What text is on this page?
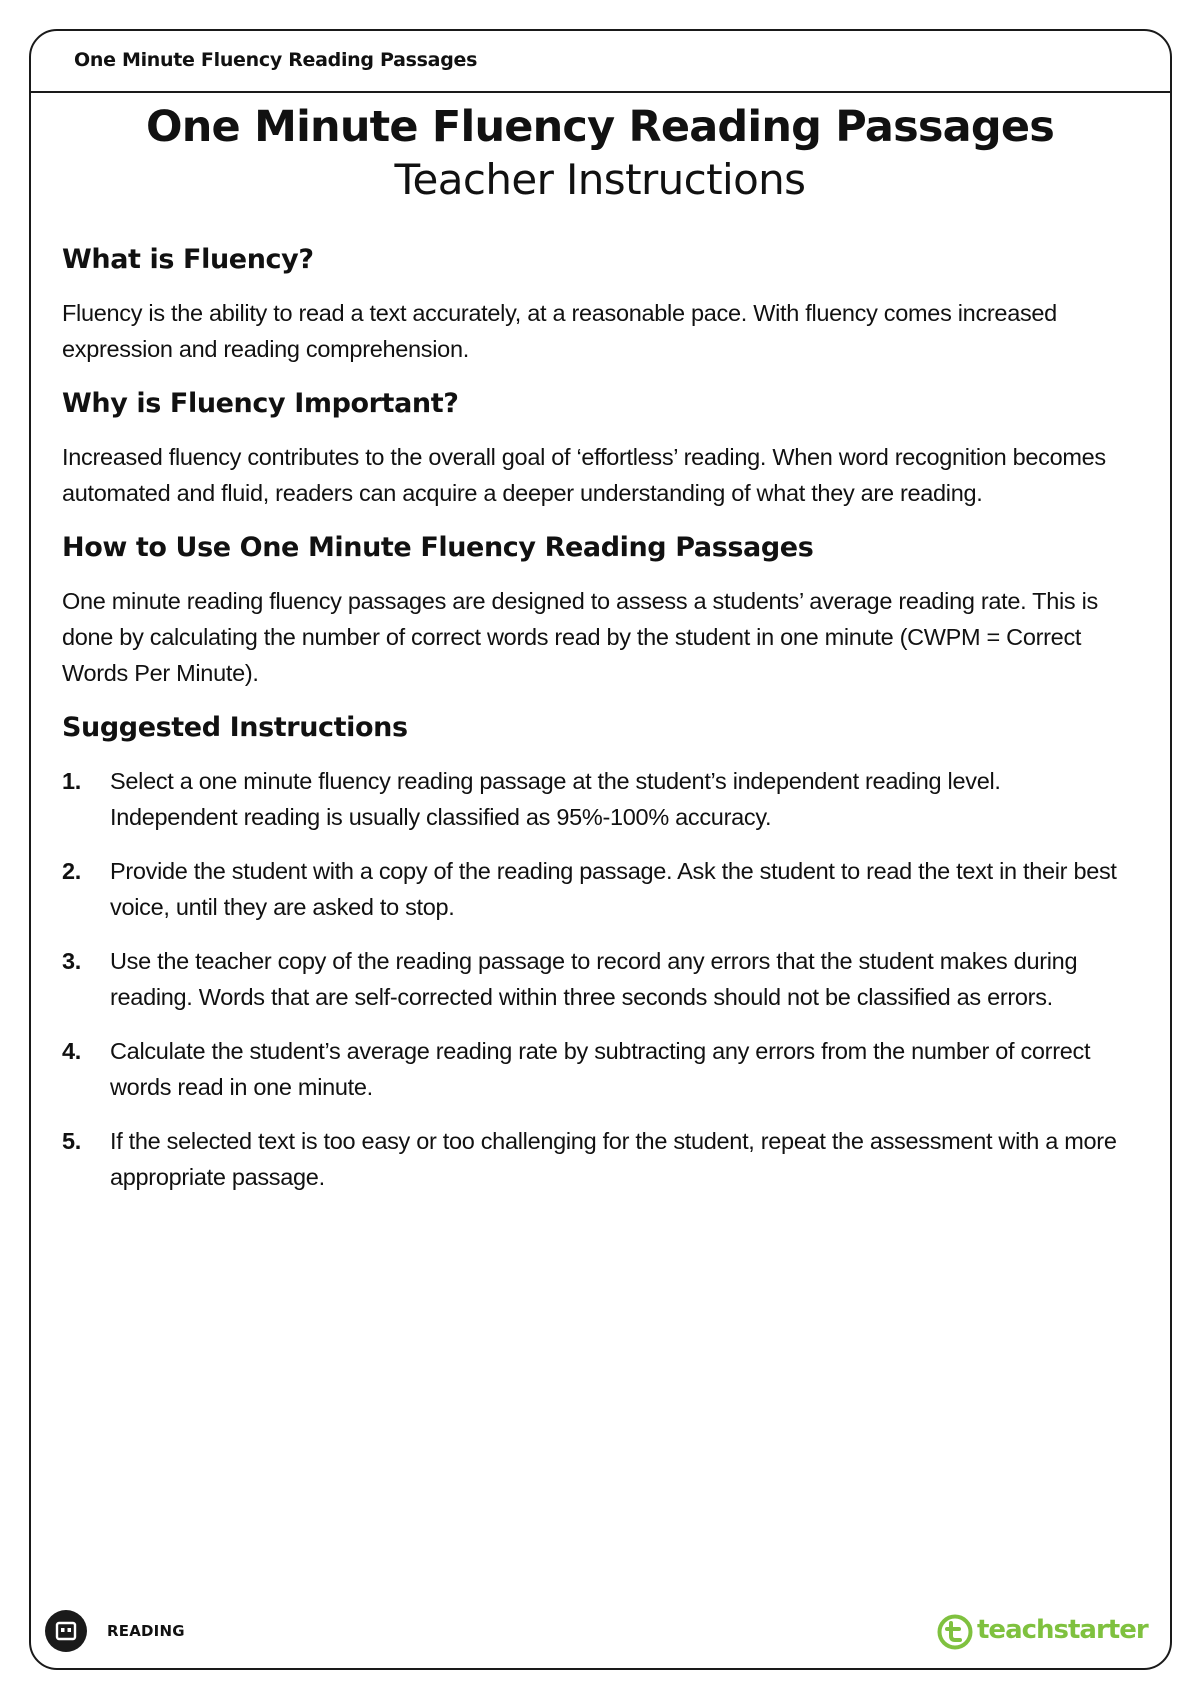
One Minute Fluency Reading Passages
One Minute Fluency Reading Passages
Teacher Instructions
What is Fluency?

Fluency is the ability to read a text accurately, at a reasonable pace. With fluency comes increased expression and reading comprehension.

Why is Fluency Important?

Increased fluency contributes to the overall goal of ‘effortless’ reading. When word recognition becomes automated and fluid, readers can acquire a deeper understanding of what they are reading.

How to Use One Minute Fluency Reading Passages

One minute reading fluency passages are designed to assess a students’ average reading rate. This is done by calculating the number of correct words read by the student in one minute (CWPM = Correct Words Per Minute).

Suggested Instructions
1. Select a one minute fluency reading passage at the student’s independent reading level. Independent reading is usually classified as 95%-100% accuracy.
2. Provide the student with a copy of the reading passage. Ask the student to read the text in their best voice, until they are asked to stop.
3. Use the teacher copy of the reading passage to record any errors that the student makes during reading. Words that are self-corrected within three seconds should not be classified as errors.
4. Calculate the student’s average reading rate by subtracting any errors from the number of correct words read in one minute.
5. If the selected text is too easy or too challenging for the student, repeat the assessment with a more appropriate passage.
READING	teachstarter
